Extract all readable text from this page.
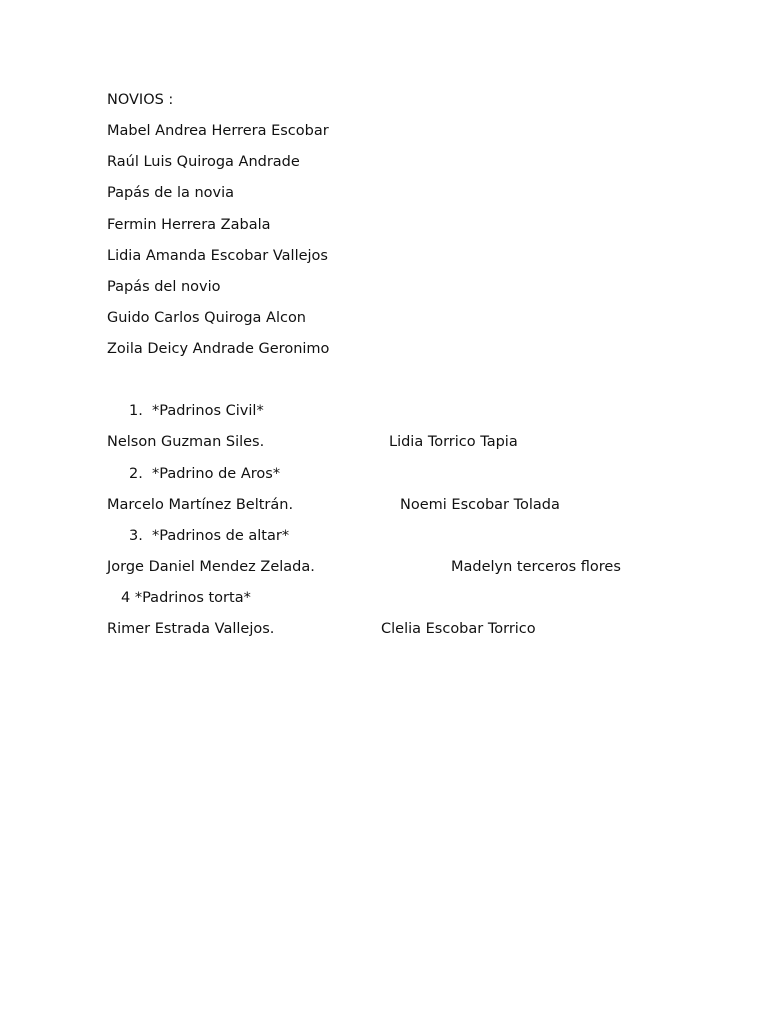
NOVIOS :
Mabel Andrea Herrera Escobar
Raúl Luis Quiroga Andrade
Papás de la novia
Fermin Herrera Zabala
Lidia Amanda Escobar Vallejos
Papás del novio
Guido Carlos Quiroga Alcon
Zoila Deicy Andrade Geronimo
1. *Padrinos Civil*
Nelson Guzman Siles.	Lidia Torrico Tapia
2. *Padrino de Aros*
Marcelo Martínez Beltrán.	Noemi Escobar Tolada
3. *Padrinos de altar*
Jorge Daniel Mendez Zelada.	Madelyn terceros flores
4 *Padrinos torta*
Rimer Estrada Vallejos.	Clelia Escobar Torrico
